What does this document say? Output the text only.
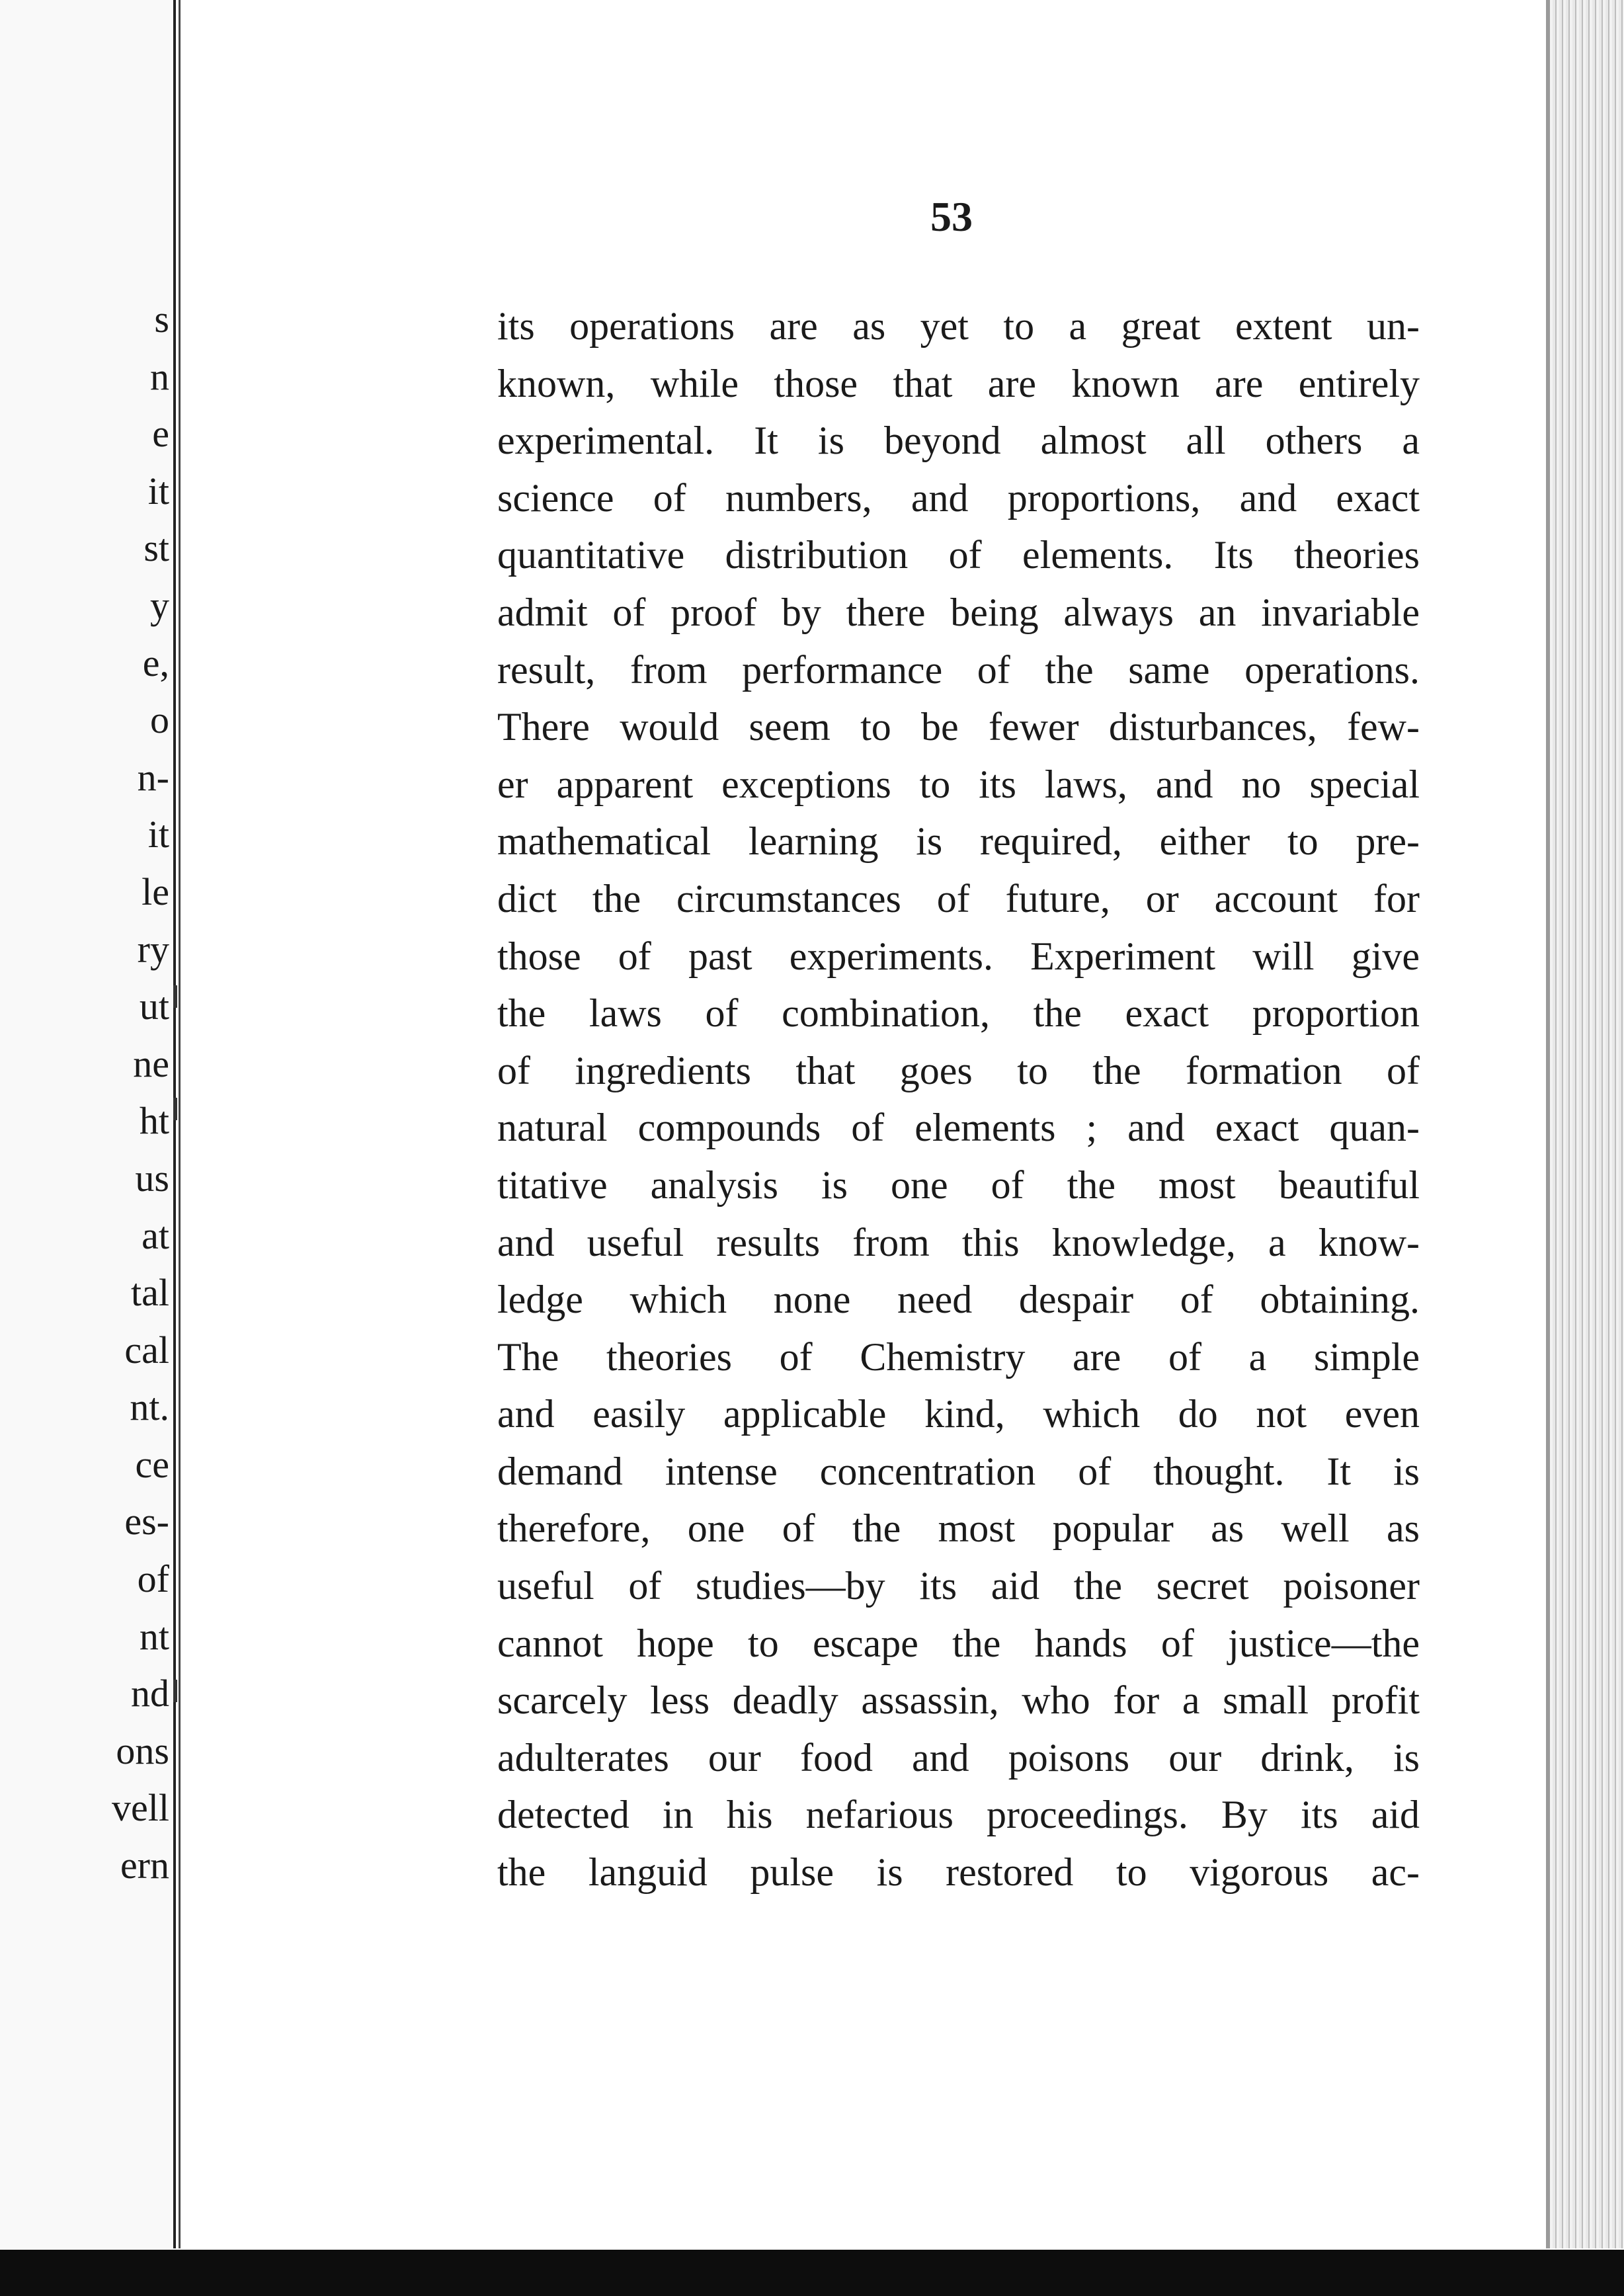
s
n
e
it
st
y
e,
o
n-
it
le
ry
ut
ne
ht
us
at
tal
cal
nt.
ce
es-
of
nt
nd
ons
vell
ern

53

its operations are as yet to a great extent un-
known, while those that are known are entirely
experimental. It is beyond almost all others a
science of numbers, and proportions, and exact
quantitative distribution of elements. Its theories
admit of proof by there being always an invariable
result, from performance of the same operations.
There would seem to be fewer disturbances, few-
er apparent exceptions to its laws, and no special
mathematical learning is required, either to pre-
dict the circumstances of future, or account for
those of past experiments. Experiment will give
the laws of combination, the exact proportion
of ingredients that goes to the formation of
natural compounds of elements ; and exact quan-
titative analysis is one of the most beautiful
and useful results from this knowledge, a know-
ledge which none need despair of obtaining.
The theories of Chemistry are of a simple
and easily applicable kind, which do not even
demand intense concentration of thought. It is
therefore, one of the most popular as well as
useful of studies—by its aid the secret poisoner
cannot hope to escape the hands of justice—the
scarcely less deadly assassin, who for a small profit
adulterates our food and poisons our drink, is
detected in his nefarious proceedings. By its aid
the languid pulse is restored to vigorous ac-
